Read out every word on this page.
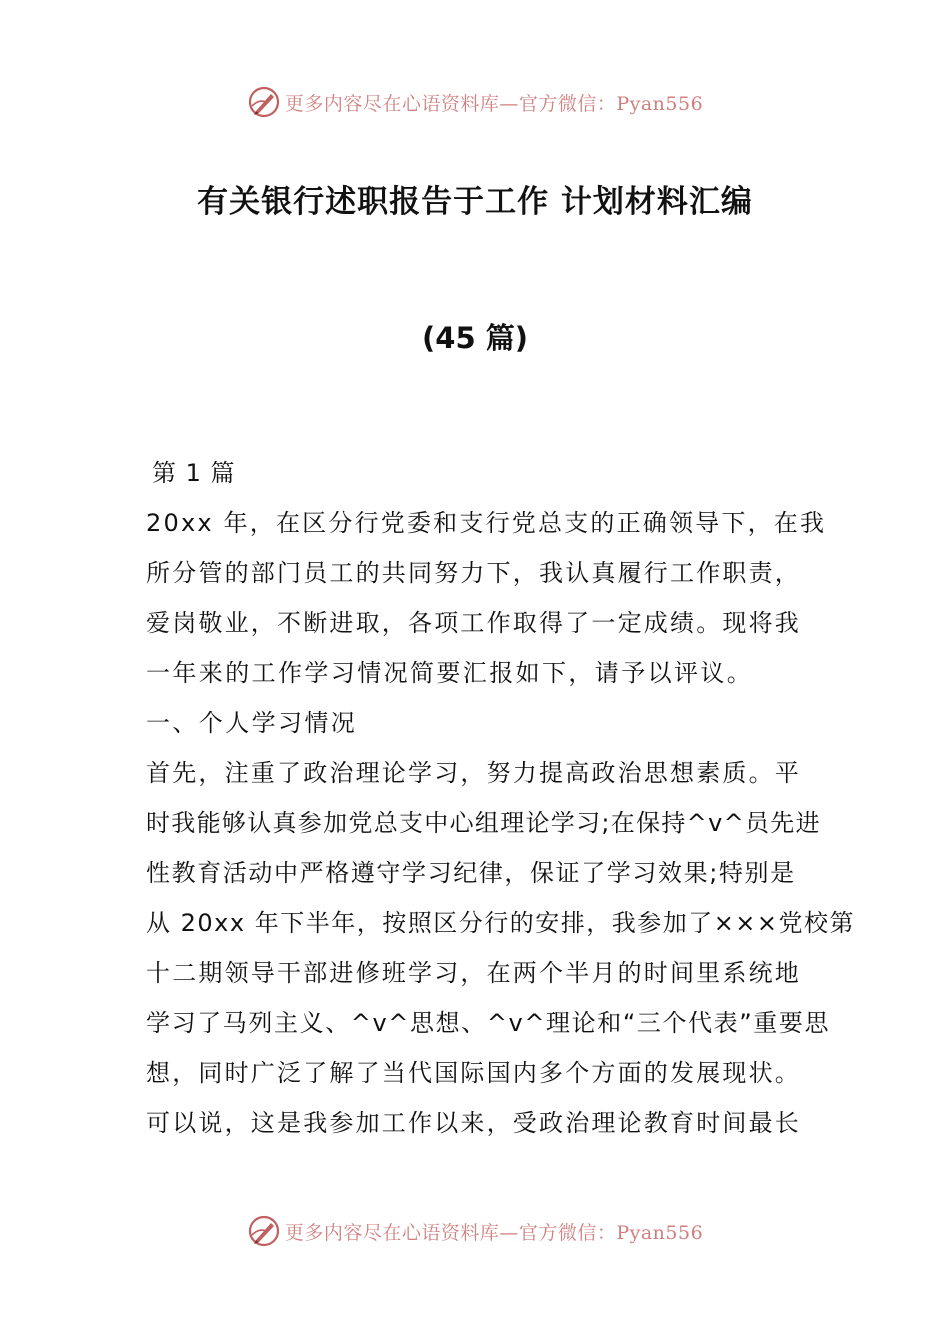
更多内容尽在心语资料库—官方微信：Pyan556
有关银行述职报告于工作 计划材料汇编
(45 篇)
第 1 篇
20xx 年，在区分行党委和支行党总支的正确领导下，在我
所分管的部门员工的共同努力下，我认真履行工作职责，
爱岗敬业，不断进取，各项工作取得了一定成绩。现将我
一年来的工作学习情况简要汇报如下，请予以评议。
一、个人学习情况
首先，注重了政治理论学习，努力提高政治思想素质。平
时我能够认真参加党总支中心组理论学习;在保持^v^员先进
性教育活动中严格遵守学习纪律，保证了学习效果;特别是
从 20xx 年下半年，按照区分行的安排，我参加了×××党校第
十二期领导干部进修班学习，在两个半月的时间里系统地
学习了马列主义、^v^思想、^v^理论和“三个代表”重要思
想，同时广泛了解了当代国际国内多个方面的发展现状。
可以说，这是我参加工作以来，受政治理论教育时间最长
更多内容尽在心语资料库—官方微信：Pyan556
